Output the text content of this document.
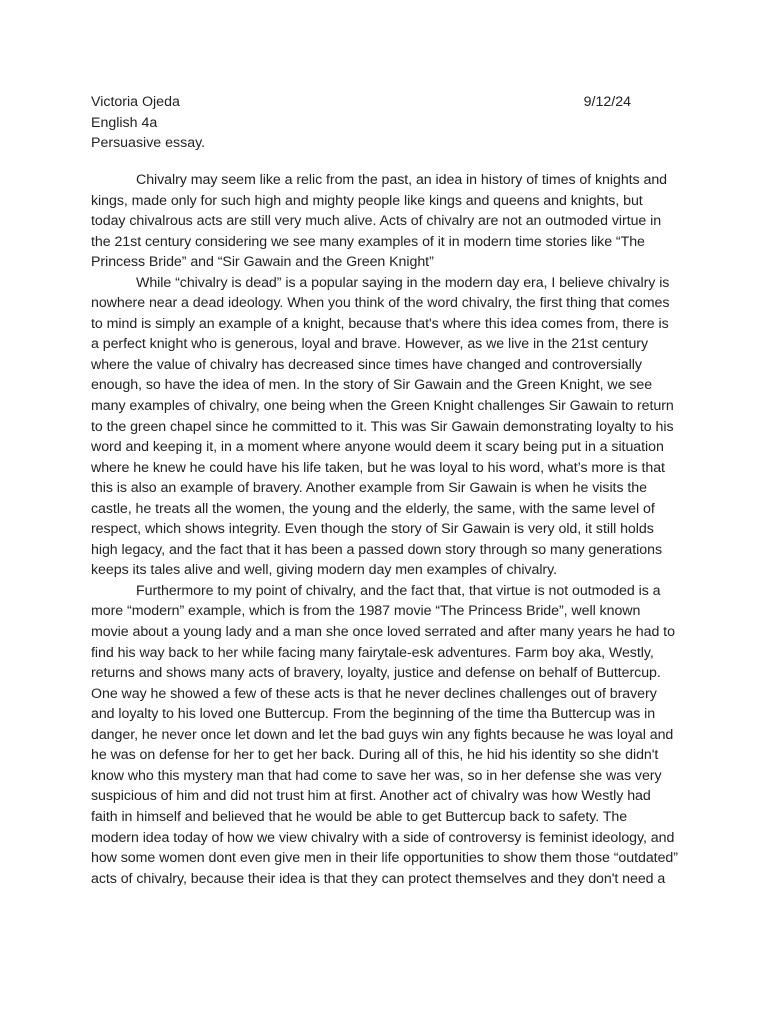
Victoria Ojeda	9/12/24
English 4a
Persuasive essay.

Chivalry may seem like a relic from the past, an idea in history of times of knights and kings, made only for such high and mighty people like kings and queens and knights, but today chivalrous acts are still very much alive. Acts of chivalry are not an outmoded virtue in the 21st century considering we see many examples of it in modern time stories like “The Princess Bride” and “Sir Gawain and the Green Knight”

While “chivalry is dead” is a popular saying in the modern day era, I believe chivalry is nowhere near a dead ideology. When you think of the word chivalry, the first thing that comes to mind is simply an example of a knight, because that's where this idea comes from, there is a perfect knight who is generous, loyal and brave. However, as we live in the 21st century where the value of chivalry has decreased since times have changed and controversially enough, so have the idea of men. In the story of Sir Gawain and the Green Knight, we see many examples of chivalry, one being when the Green Knight challenges Sir Gawain to return to the green chapel since he committed to it. This was Sir Gawain demonstrating loyalty to his word and keeping it, in a moment where anyone would deem it scary being put in a situation where he knew he could have his life taken, but he was loyal to his word, what’s more is that this is also an example of bravery. Another example from Sir Gawain is when he visits the castle, he treats all the women, the young and the elderly, the same, with the same level of respect, which shows integrity. Even though the story of Sir Gawain is very old, it still holds high legacy, and the fact that it has been a passed down story through so many generations keeps its tales alive and well, giving modern day men examples of chivalry.

Furthermore to my point of chivalry, and the fact that, that virtue is not outmoded is a more “modern” example, which is from the 1987 movie “The Princess Bride”, well known movie about a young lady and a man she once loved serrated and after many years he had to find his way back to her while facing many fairytale-esk adventures. Farm boy aka, Westly, returns and shows many acts of bravery, loyalty, justice and defense on behalf of Buttercup. One way he showed a few of these acts is that he never declines challenges out of bravery and loyalty to his loved one Buttercup. From the beginning of the time tha Buttercup was in danger, he never once let down and let the bad guys win any fights because he was loyal and he was on defense for her to get her back. During all of this, he hid his identity so she didn't know who this mystery man that had come to save her was, so in her defense she was very suspicious of him and did not trust him at first. Another act of chivalry was how Westly had faith in himself and believed that he would be able to get Buttercup back to safety. The modern idea today of how we view chivalry with a side of controversy is feminist ideology, and how some women dont even give men in their life opportunities to show them those “outdated” acts of chivalry, because their idea is that they can protect themselves and they don't need a
